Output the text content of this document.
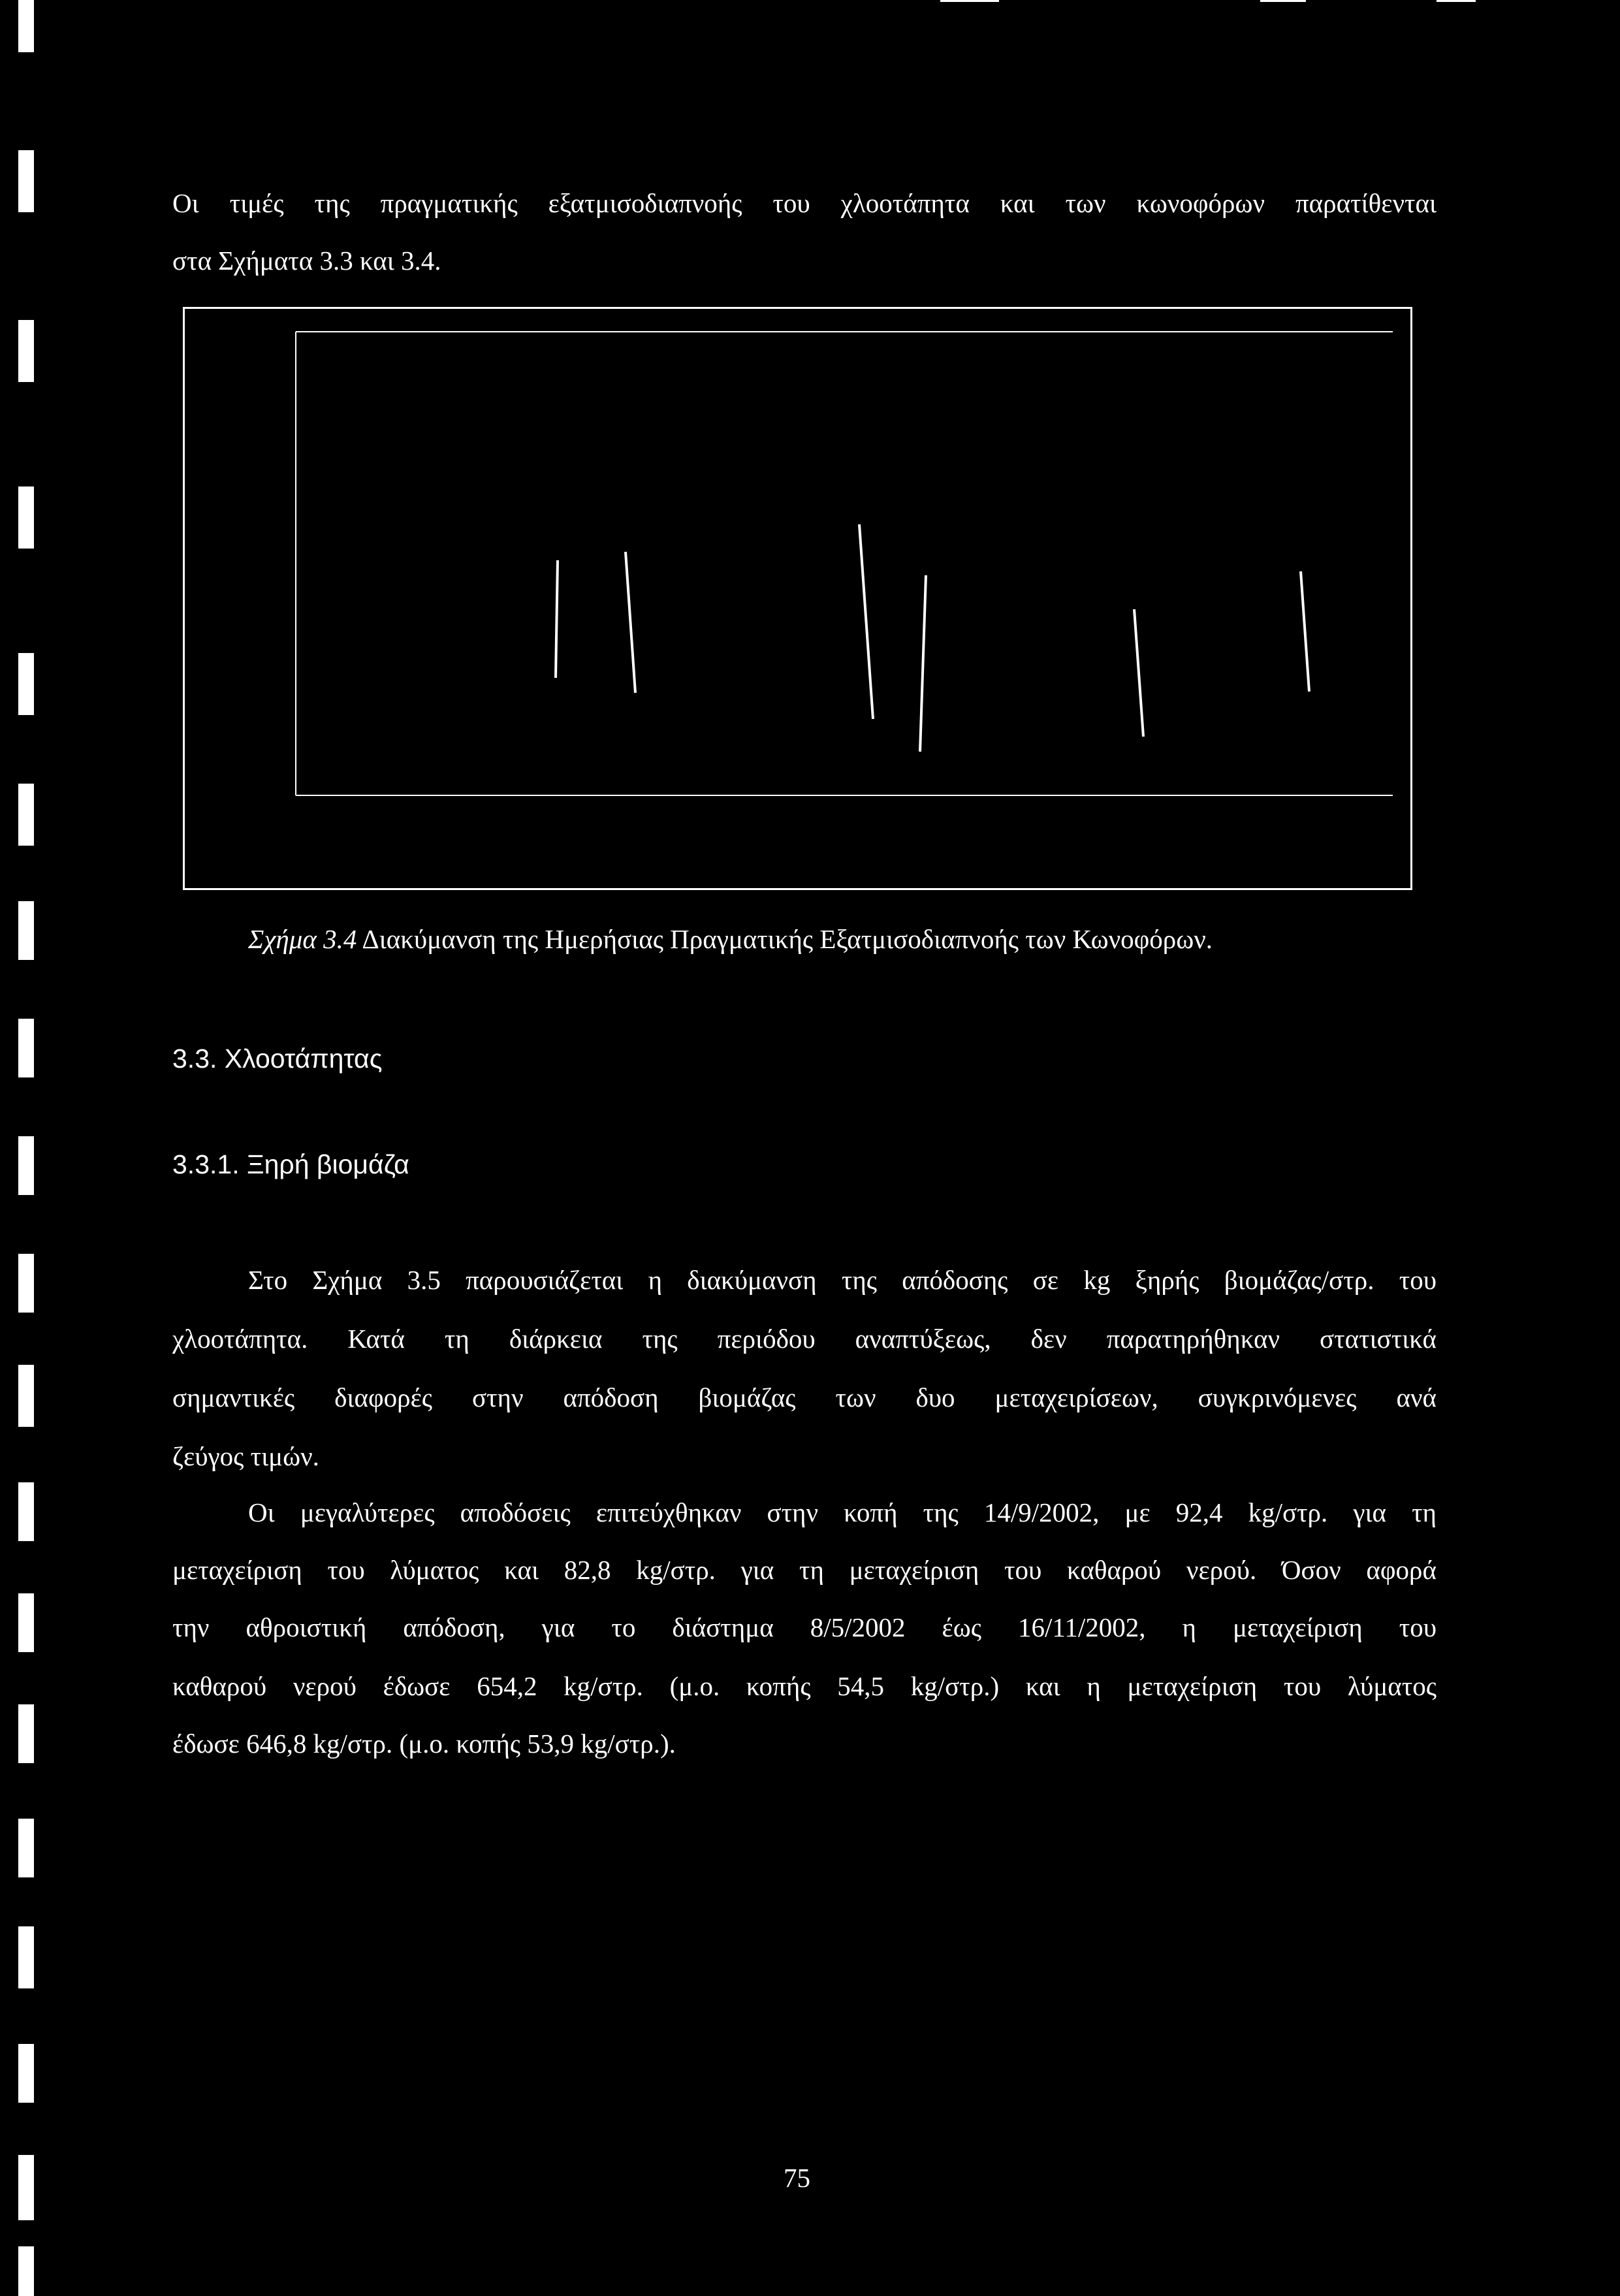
Οι τιμές της πραγματικής εξατμισοδιαπνοής του χλοοτάπητα και των κωνοφόρων παρατίθενται
στα Σχήματα 3.3 και 3.4.
Σχήμα 3.4 Διακύμανση της Ημερήσιας Πραγματικής Εξατμισοδιαπνοής των Κωνοφόρων.
3.3. Χλοοτάπητας
3.3.1. Ξηρή βιομάζα
Στο Σχήμα 3.5 παρουσιάζεται η διακύμανση της απόδοσης σε kg ξηρής βιομάζας/στρ. του
χλοοτάπητα. Κατά τη διάρκεια της περιόδου αναπτύξεως, δεν παρατηρήθηκαν στατιστικά
σημαντικές διαφορές στην απόδοση βιομάζας των δυο μεταχειρίσεων, συγκρινόμενες ανά
ζεύγος τιμών.
Οι μεγαλύτερες αποδόσεις επιτεύχθηκαν στην κοπή της 14/9/2002, με 92,4 kg/στρ. για τη
μεταχείριση του λύματος και 82,8 kg/στρ. για τη μεταχείριση του καθαρού νερού. Όσον αφορά
την αθροιστική απόδοση, για το διάστημα 8/5/2002 έως 16/11/2002, η μεταχείριση του
καθαρού νερού έδωσε 654,2 kg/στρ. (μ.ο. κοπής 54,5 kg/στρ.) και η μεταχείριση του λύματος
έδωσε 646,8 kg/στρ. (μ.ο. κοπής 53,9 kg/στρ.).
75
